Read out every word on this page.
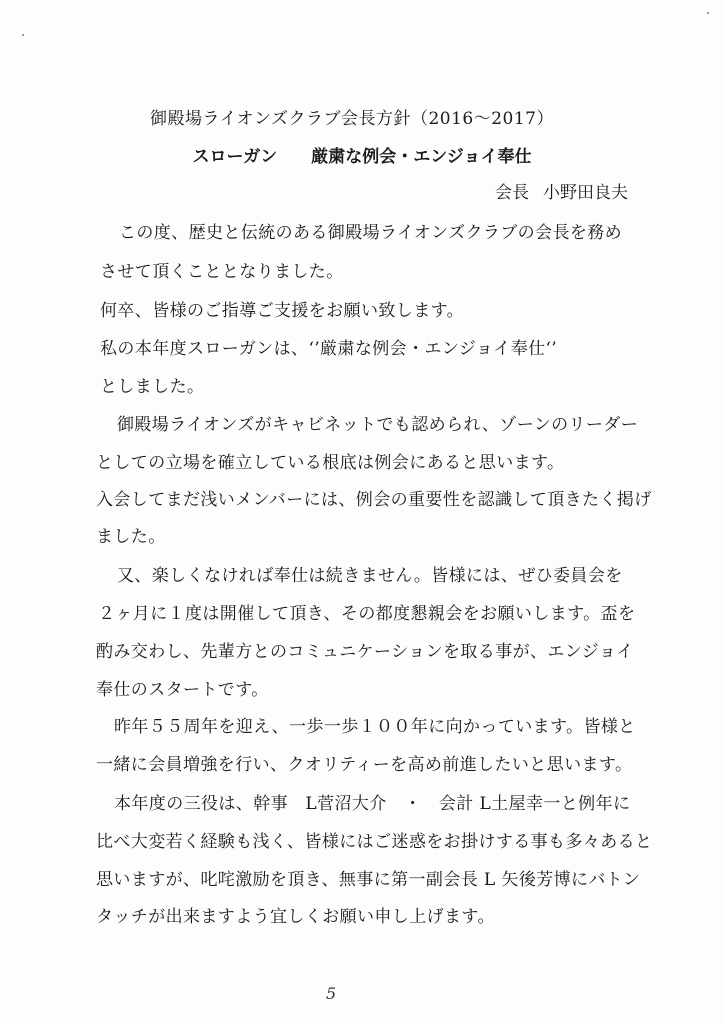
御殿場ライオンズクラブ会長方針（2016～2017）
スローガン 厳粛な例会・エンジョイ奉仕
会長 小野田良夫
この度、歴史と伝統のある御殿場ライオンズクラブの会長を務め
させて頂くこととなりました。
何卒、皆様のご指導ご支援をお願い致します。
私の本年度スローガンは、‘’厳粛な例会・エンジョイ奉仕‘’
としました。
御殿場ライオンズがキャビネットでも認められ、ゾーンのリーダー
としての立場を確立している根底は例会にあると思います。
入会してまだ浅いメンバーには、例会の重要性を認識して頂きたく掲げ
ました。
又、楽しくなければ奉仕は続きません。皆様には、ぜひ委員会を
２ヶ月に１度は開催して頂き、その都度懇親会をお願いします。盃を
酌み交わし、先輩方とのコミュニケーションを取る事が、エンジョイ
奉仕のスタートです。
昨年５５周年を迎え、一歩一歩１００年に向かっています。皆様と
一緒に会員増強を行い、クオリティーを高め前進したいと思います。
本年度の三役は、幹事　L菅沼大介　・　会計 L土屋幸一と例年に
比べ大変若く経験も浅く、皆様にはご迷惑をお掛けする事も多々あると
思いますが、叱咤激励を頂き、無事に第一副会長 L 矢後芳博にバトン
タッチが出来ますよう宜しくお願い申し上げます。
5
